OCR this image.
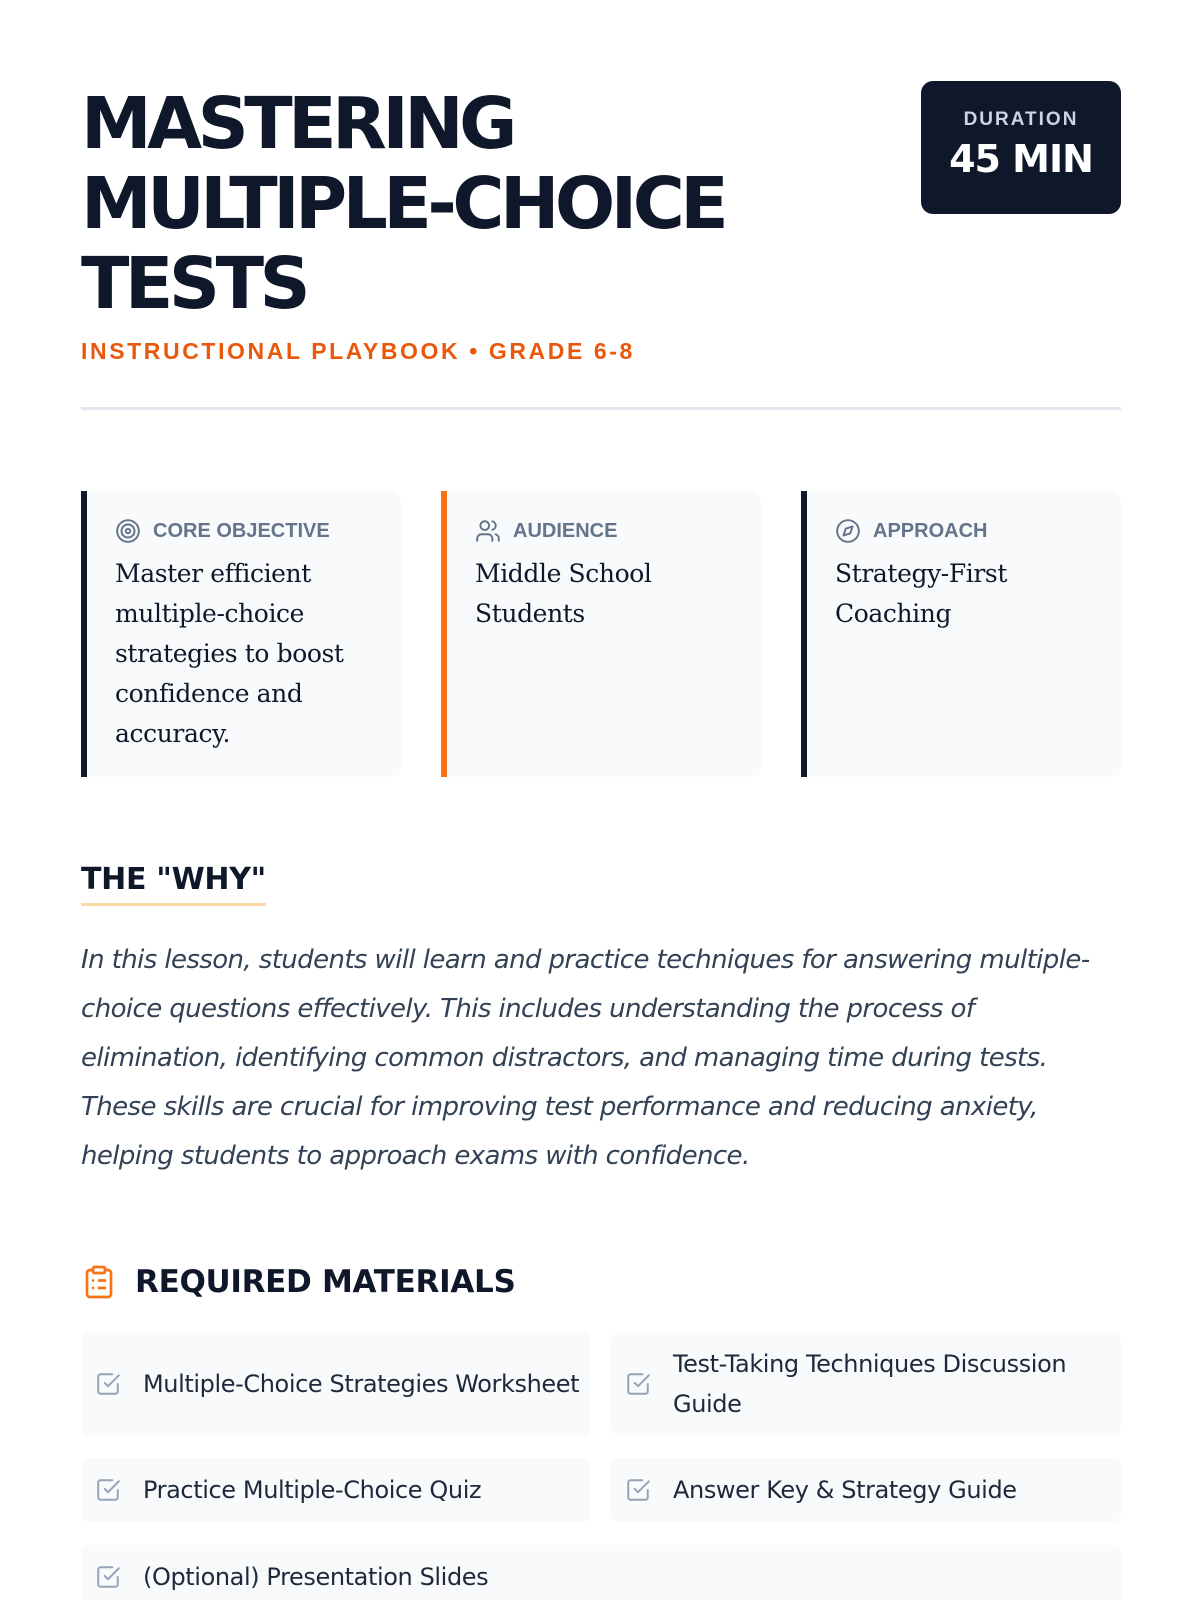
MASTERING MULTIPLE-CHOICE TESTS
INSTRUCTIONAL PLAYBOOK • GRADE 6-8
DURATION
45 MIN
CORE OBJECTIVE
Master efficient multiple-choice strategies to boost confidence and accuracy.
AUDIENCE
Middle School Students
APPROACH
Strategy-First Coaching
THE "WHY"

In this lesson, students will learn and practice techniques for answering multiple-choice questions effectively. This includes understanding the process of elimination, identifying common distractors, and managing time during tests. These skills are crucial for improving test performance and reducing anxiety, helping students to approach exams with confidence.

REQUIRED MATERIALS
Multiple-Choice Strategies Worksheet
Test-Taking Techniques Discussion Guide
Practice Multiple-Choice Quiz	Answer Key & Strategy Guide
(Optional) Presentation Slides
